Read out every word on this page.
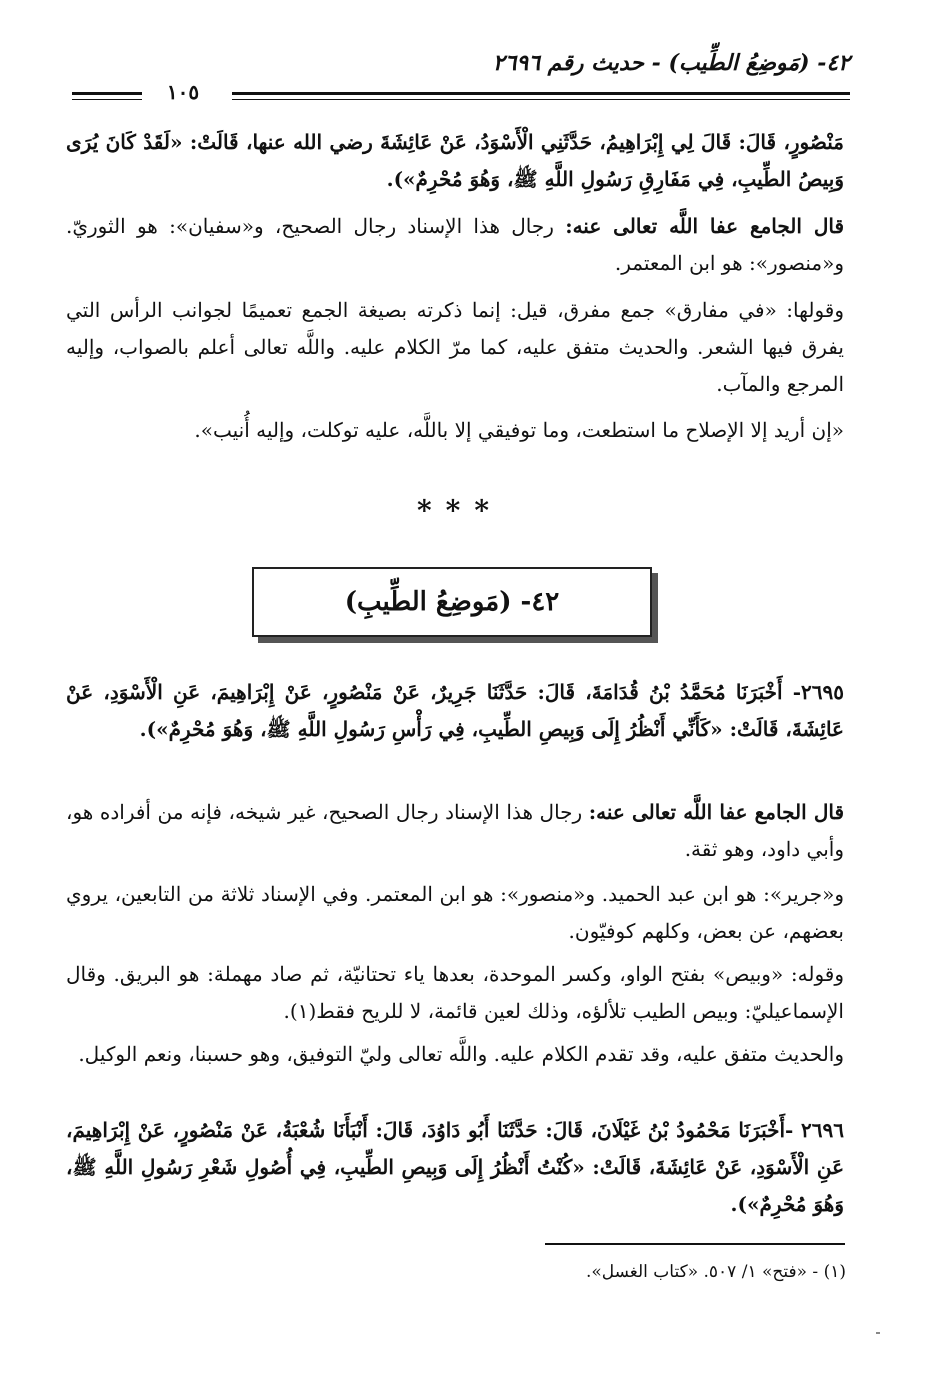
٤٢- (مَوضِعُ الطِّيب) - حديث رقم ٢٦٩٦
١٠٥

مَنْصُورٍ، قَالَ: قَالَ لِي إِبْرَاهِيمُ، حَدَّثَنِي الْأَسْوَدُ، عَنْ عَائِشَةَ رضي الله عنها، قَالَتْ: «لَقَدْ كَانَ يُرَى وَبِيصُ الطِّيبِ، فِي مَفَارِقِ رَسُولِ اللَّهِ ﷺ، وَهُوَ مُحْرِمٌ»).

قال الجامع عفا اللَّه تعالى عنه: رجال هذا الإسناد رجال الصحيح، و«سفيان»: هو الثوريّ. و«منصور»: هو ابن المعتمر.

وقولها: «في مفارق» جمع مفرق، قيل: إنما ذكرته بصيغة الجمع تعميمًا لجوانب الرأس التي يفرق فيها الشعر. والحديث متفق عليه، كما مرّ الكلام عليه. واللَّه تعالى أعلم بالصواب، وإليه المرجع والمآب.

«إن أريد إلا الإصلاح ما استطعت، وما توفيقي إلا باللَّه، عليه توكلت، وإليه أُنيب».

***
٤٢- (مَوضِعُ الطِّيبِ)

٢٦٩٥- أَخْبَرَنَا مُحَمَّدُ بْنُ قُدَامَةَ، قَالَ: حَدَّثَنَا جَرِيرٌ، عَنْ مَنْصُورٍ، عَنْ إِبْرَاهِيمَ، عَنِ الْأَسْوَدِ، عَنْ عَائِشَةَ، قَالَتْ: «كَأَنِّي أَنْظُرُ إِلَى وَبِيصِ الطِّيبِ، فِي رَأْسِ رَسُولِ اللَّهِ ﷺ، وَهُوَ مُحْرِمٌ»).

قال الجامع عفا اللَّه تعالى عنه: رجال هذا الإسناد رجال الصحيح، غير شيخه، فإنه من أفراده هو، وأبي داود، وهو ثقة.

و«جرير»: هو ابن عبد الحميد. و«منصور»: هو ابن المعتمر. وفي الإسناد ثلاثة من التابعين، يروي بعضهم، عن بعض، وكلهم كوفيّون.

وقوله: «وبيص» بفتح الواو، وكسر الموحدة، بعدها ياء تحتانيّة، ثم صاد مهملة: هو البريق. وقال الإسماعيليّ: وبيص الطيب تلألؤه، وذلك لعين قائمة، لا للريح فقط(١).

والحديث متفق عليه، وقد تقدم الكلام عليه. واللَّه تعالى وليّ التوفيق، وهو حسبنا، ونعم الوكيل.

٢٦٩٦ -أَخْبَرَنَا مَحْمُودُ بْنُ غَيْلَانَ، قَالَ: حَدَّثَنَا أَبُو دَاوُدَ، قَالَ: أَنْبَأَنَا شُعْبَةُ، عَنْ مَنْصُورٍ، عَنْ إِبْرَاهِيمَ، عَنِ الْأَسْوَدِ، عَنْ عَائِشَةَ، قَالَتْ: «كُنْتُ أَنْظُرُ إِلَى وَبِيصِ الطِّيبِ، فِي أُصُولِ شَعْرِ رَسُولِ اللَّهِ ﷺ، وَهُوَ مُحْرِمٌ»).

(١) - «فتح» ١/ ٥٠٧. «كتاب الغسل».
